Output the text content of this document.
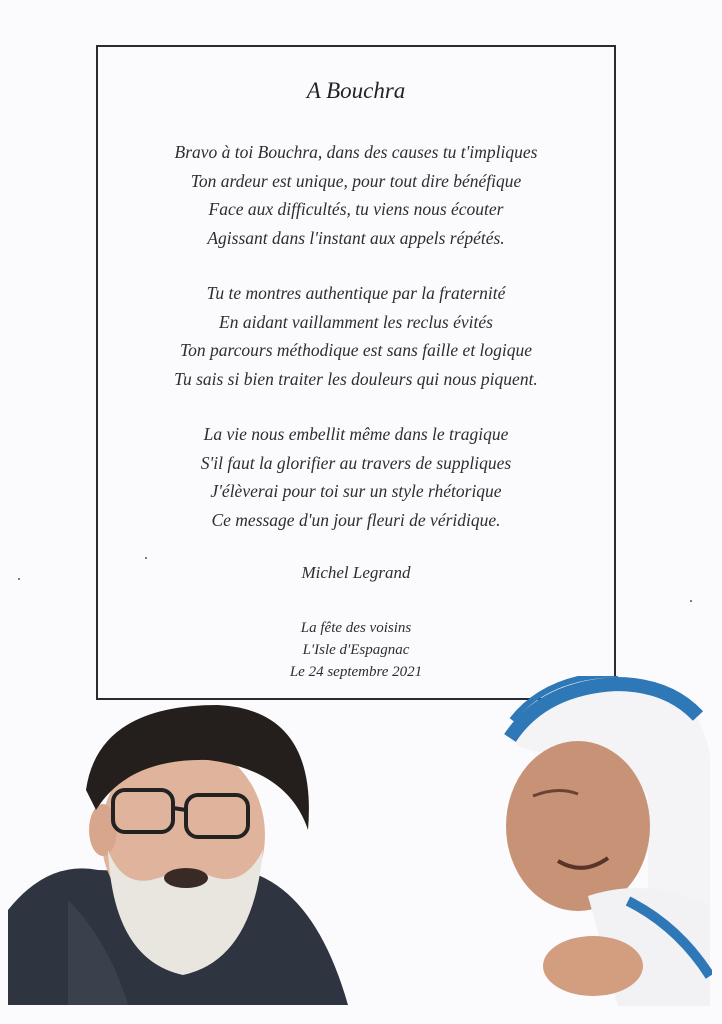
A Bouchra
Bravo à toi Bouchra, dans des causes tu t'impliques
Ton ardeur est unique, pour tout dire bénéfique
Face aux difficultés, tu viens nous écouter
Agissant dans l'instant aux appels répétés.
Tu te montres authentique par la fraternité
En aidant vaillamment les reclus évités
Ton parcours méthodique est sans faille et logique
Tu sais si bien traiter les douleurs qui nous piquent.
La vie nous embellit même dans le tragique
S'il faut la glorifier au travers de suppliques
J'élèverai pour toi sur un style rhétorique
Ce message d'un jour fleuri de véridique.
Michel Legrand
La fête des voisins
L'Isle d'Espagnac
Le 24 septembre 2021
